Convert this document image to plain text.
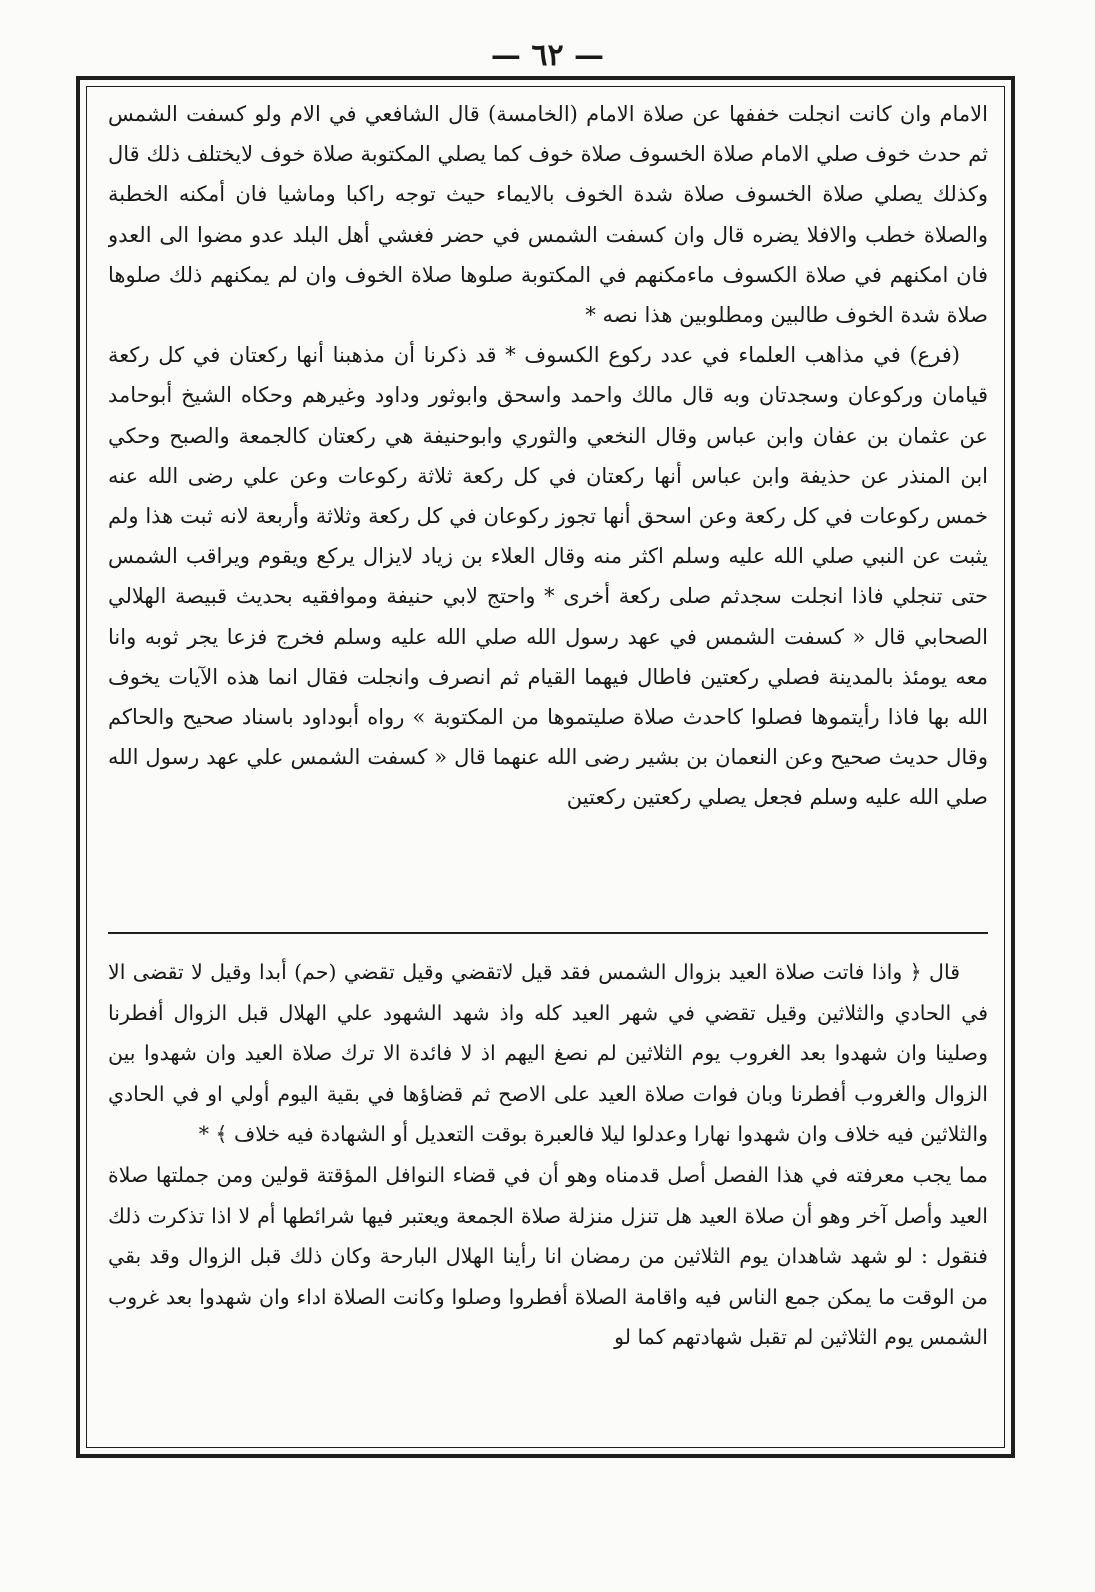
— ٦٢ —

الامام وان كانت انجلت خففها عن صلاة الامام (الخامسة) قال الشافعي في الام ولو كسفت الشمس ثم حدث خوف صلي الامام صلاة الخسوف صلاة خوف كما يصلي المكتوبة صلاة خوف لايختلف ذلك قال وكذلك يصلي صلاة الخسوف صلاة شدة الخوف بالايماء حيث توجه راكبا وماشيا فان أمكنه الخطبة والصلاة خطب والافلا يضره قال وان كسفت الشمس في حضر فغشي أهل البلد عدو مضوا الى العدو فان امكنهم في صلاة الكسوف ماءمكنهم في المكتوبة صلوها صلاة الخوف وان لم يمكنهم ذلك صلوها صلاة شدة الخوف طالبين ومطلوبين هذا نصه *

(فرع) في مذاهب العلماء في عدد ركوع الكسوف * قد ذكرنا أن مذهبنا أنها ركعتان في كل ركعة قيامان وركوعان وسجدتان وبه قال مالك واحمد واسحق وابوثور وداود وغيرهم وحكاه الشيخ أبوحامد عن عثمان بن عفان وابن عباس وقال النخعي والثوري وابوحنيفة هي ركعتان كالجمعة والصبح وحكي ابن المنذر عن حذيفة وابن عباس أنها ركعتان في كل ركعة ثلاثة ركوعات وعن علي رضى الله عنه خمس ركوعات في كل ركعة وعن اسحق أنها تجوز ركوعان في كل ركعة وثلاثة وأربعة لانه ثبت هذا ولم يثبت عن النبي صلي الله عليه وسلم اكثر منه وقال العلاء بن زياد لايزال يركع ويقوم ويراقب الشمس حتى تنجلي فاذا انجلت سجدثم صلى ركعة أخرى * واحتج لابي حنيفة وموافقيه بحديث قبيصة الهلالي الصحابي قال « كسفت الشمس في عهد رسول الله صلي الله عليه وسلم فخرج فزعا يجر ثوبه وانا معه يومئذ بالمدينة فصلي ركعتين فاطال فيهما القيام ثم انصرف وانجلت فقال انما هذه الآيات يخوف الله بها فاذا رأيتموها فصلوا كاحدث صلاة صليتموها من المكتوبة » رواه أبوداود باسناد صحيح والحاكم وقال حديث صحيح وعن النعمان بن بشير رضى الله عنهما قال « كسفت الشمس علي عهد رسول الله صلي الله عليه وسلم فجعل يصلي ركعتين ركعتين

قال ﴿ واذا فاتت صلاة العيد بزوال الشمس فقد قيل لاتقضي وقيل تقضي (حم) أبدا وقيل لا تقضى الا في الحادي والثلاثين وقيل تقضي في شهر العيد كله واذ شهد الشهود علي الهلال قبل الزوال أفطرنا وصلينا وان شهدوا بعد الغروب يوم الثلاثين لم نصغ اليهم اذ لا فائدة الا ترك صلاة العيد وان شهدوا بين الزوال والغروب أفطرنا وبان فوات صلاة العيد على الاصح ثم قضاؤها في بقية اليوم أولي او في الحادي والثلاثين فيه خلاف وان شهدوا نهارا وعدلوا ليلا فالعبرة بوقت التعديل أو الشهادة فيه خلاف ﴾ *

مما يجب معرفته في هذا الفصل أصل قدمناه وهو أن في قضاء النوافل المؤقتة قولين ومن جملتها صلاة العيد وأصل آخر وهو أن صلاة العيد هل تنزل منزلة صلاة الجمعة ويعتبر فيها شرائطها أم لا اذا تذكرت ذلك فنقول : لو شهد شاهدان يوم الثلاثين من رمضان انا رأينا الهلال البارحة وكان ذلك قبل الزوال وقد بقي من الوقت ما يمكن جمع الناس فيه واقامة الصلاة أفطروا وصلوا وكانت الصلاة اداء وان شهدوا بعد غروب الشمس يوم الثلاثين لم تقبل شهادتهم كما لو
